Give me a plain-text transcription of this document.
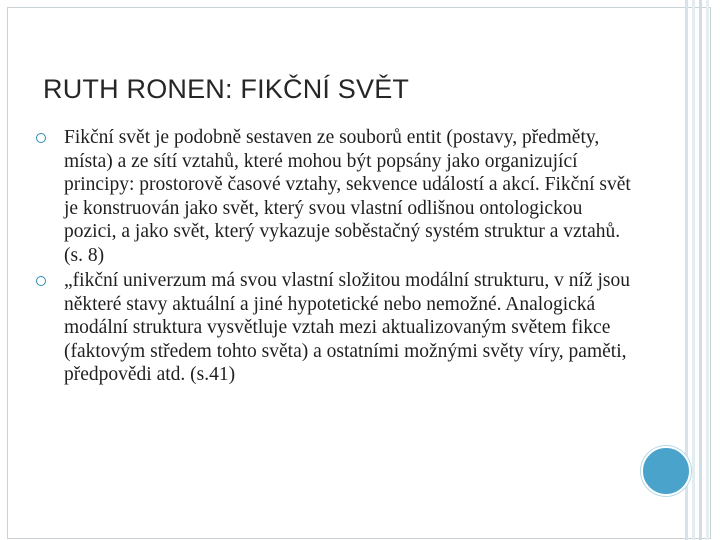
RUTH RONEN: FIKČNÍ SVĚT
Fikční svět je podobně sestaven ze souborů entit (postavy, předměty, místa) a ze sítí vztahů, které mohou být popsány jako organizující principy: prostorově časové vztahy, sekvence událostí a akcí. Fikční svět je konstruován jako svět, který svou vlastní odlišnou ontologickou pozici, a jako svět, který vykazuje soběstačný systém struktur a vztahů. (s. 8)
„fikční univerzum má svou vlastní složitou modální strukturu, v níž jsou některé stavy aktuální a jiné hypotetické nebo nemožné. Analogická modální struktura vysvětluje vztah mezi aktualizovaným světem fikce (faktovým středem tohto světa) a ostatními možnými světy víry, paměti, předpovědi atd. (s.41)
